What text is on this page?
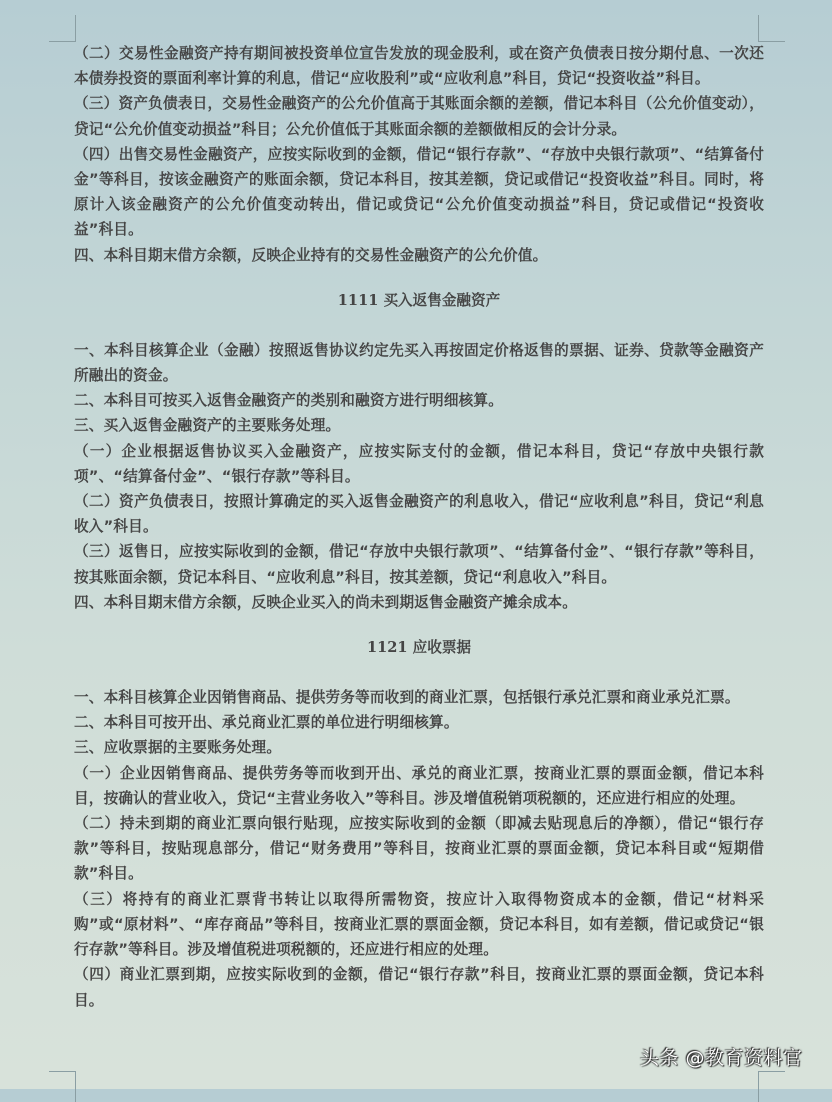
（二）交易性金融资产持有期间被投资单位宣告发放的现金股利，或在资产负债表日按分期付息、一次还本债券投资的票面利率计算的利息，借记“应收股利”或“应收利息”科目，贷记“投资收益”科目。

（三）资产负债表日，交易性金融资产的公允价值高于其账面余额的差额，借记本科目（公允价值变动），贷记“公允价值变动损益”科目；公允价值低于其账面余额的差额做相反的会计分录。

（四）出售交易性金融资产，应按实际收到的金额，借记“银行存款”、“存放中央银行款项”、“结算备付金”等科目，按该金融资产的账面余额，贷记本科目，按其差额，贷记或借记“投资收益”科目。同时，将原计入该金融资产的公允价值变动转出，借记或贷记“公允价值变动损益”科目，贷记或借记“投资收益”科目。

四、本科目期末借方余额，反映企业持有的交易性金融资产的公允价值。

1111 买入返售金融资产

一、本科目核算企业（金融）按照返售协议约定先买入再按固定价格返售的票据、证券、贷款等金融资产所融出的资金。

二、本科目可按买入返售金融资产的类别和融资方进行明细核算。

三、买入返售金融资产的主要账务处理。

（一）企业根据返售协议买入金融资产，应按实际支付的金额，借记本科目，贷记“存放中央银行款项”、“结算备付金”、“银行存款”等科目。

（二）资产负债表日，按照计算确定的买入返售金融资产的利息收入，借记“应收利息”科目，贷记“利息收入”科目。

（三）返售日，应按实际收到的金额，借记“存放中央银行款项”、“结算备付金”、“银行存款”等科目，按其账面余额，贷记本科目、“应收利息”科目，按其差额，贷记“利息收入”科目。

四、本科目期末借方余额，反映企业买入的尚未到期返售金融资产摊余成本。

1121 应收票据

一、本科目核算企业因销售商品、提供劳务等而收到的商业汇票，包括银行承兑汇票和商业承兑汇票。

二、本科目可按开出、承兑商业汇票的单位进行明细核算。

三、应收票据的主要账务处理。

（一）企业因销售商品、提供劳务等而收到开出、承兑的商业汇票，按商业汇票的票面金额，借记本科目，按确认的营业收入，贷记“主营业务收入”等科目。涉及增值税销项税额的，还应进行相应的处理。

（二）持未到期的商业汇票向银行贴现，应按实际收到的金额（即减去贴现息后的净额），借记“银行存款”等科目，按贴现息部分，借记“财务费用”等科目，按商业汇票的票面金额，贷记本科目或“短期借款”科目。

（三）将持有的商业汇票背书转让以取得所需物资，按应计入取得物资成本的金额，借记“材料采购”或“原材料”、“库存商品”等科目，按商业汇票的票面金额，贷记本科目，如有差额，借记或贷记“银行存款”等科目。涉及增值税进项税额的，还应进行相应的处理。

（四）商业汇票到期，应按实际收到的金额，借记“银行存款”科目，按商业汇票的票面金额，贷记本科目。

头条 @教育资料官
